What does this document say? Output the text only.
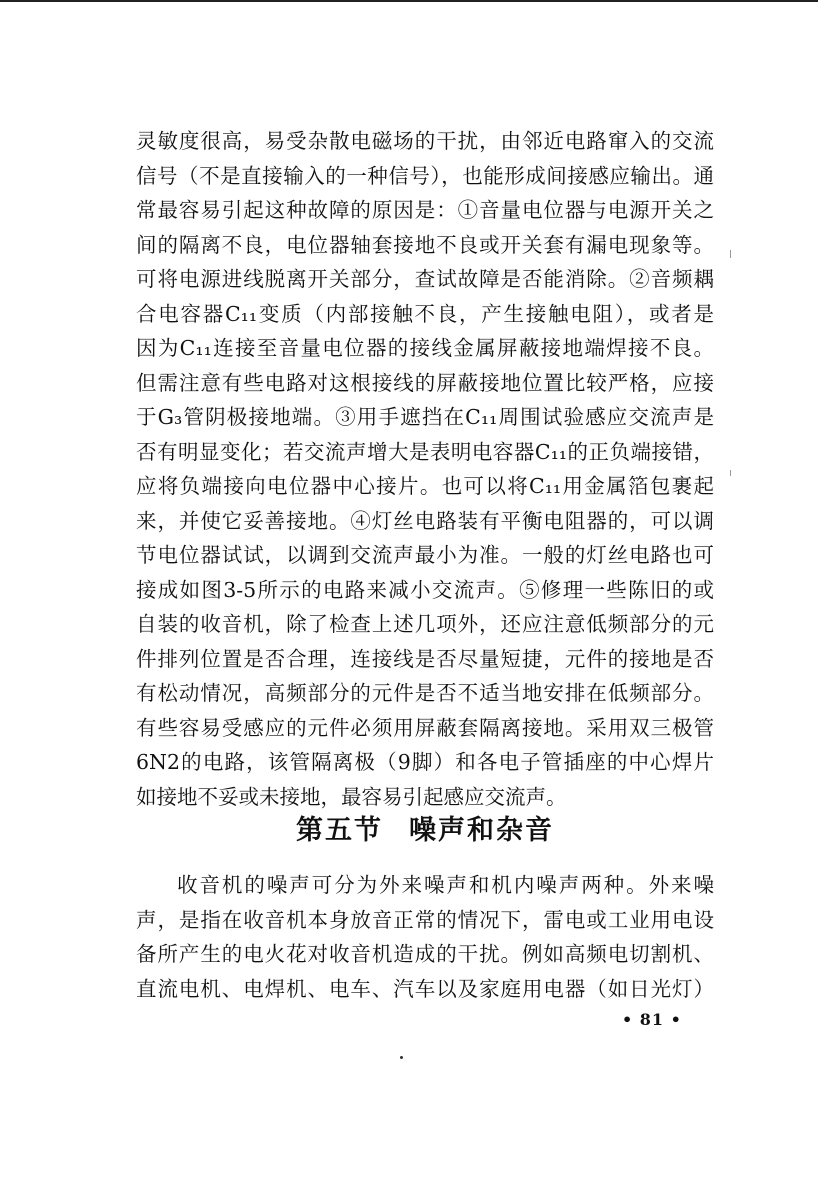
灵敏度很高，易受杂散电磁场的干扰，由邻近电路窜入的交流
信号（不是直接输入的一种信号），也能形成间接感应输出。通
常最容易引起这种故障的原因是：①音量电位器与电源开关之
间的隔离不良，电位器轴套接地不良或开关套有漏电现象等。
可将电源进线脱离开关部分，查试故障是否能消除。②音频耦
合电容器C₁₁变质（内部接触不良，产生接触电阻），或者是
因为C₁₁连接至音量电位器的接线金属屏蔽接地端焊接不良。
但需注意有些电路对这根接线的屏蔽接地位置比较严格，应接
于G₃管阴极接地端。③用手遮挡在C₁₁周围试验感应交流声是
否有明显变化；若交流声增大是表明电容器C₁₁的正负端接错，
应将负端接向电位器中心接片。也可以将C₁₁用金属箔包裹起
来，并使它妥善接地。④灯丝电路装有平衡电阻器的，可以调
节电位器试试，以调到交流声最小为准。一般的灯丝电路也可
接成如图3-5所示的电路来减小交流声。⑤修理一些陈旧的或
自装的收音机，除了检查上述几项外，还应注意低频部分的元
件排列位置是否合理，连接线是否尽量短捷，元件的接地是否
有松动情况，高频部分的元件是否不适当地安排在低频部分。
有些容易受感应的元件必须用屏蔽套隔离接地。采用双三极管
6N2的电路，该管隔离极（9脚）和各电子管插座的中心焊片
如接地不妥或未接地，最容易引起感应交流声。
第五节 噪声和杂音
收音机的噪声可分为外来噪声和机内噪声两种。外来噪
声，是指在收音机本身放音正常的情况下，雷电或工业用电设
备所产生的电火花对收音机造成的干扰。例如高频电切割机、
直流电机、电焊机、电车、汽车以及家庭用电器（如日光灯）
• 81 •
